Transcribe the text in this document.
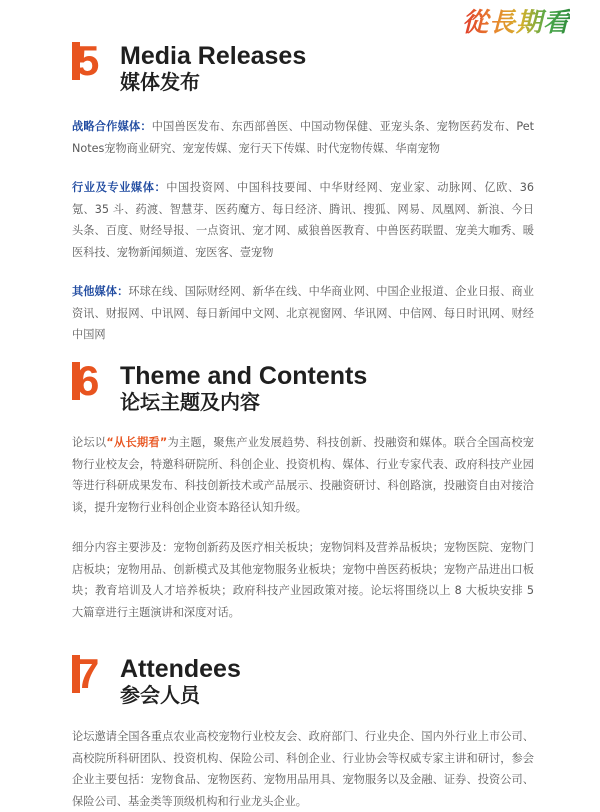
從長期看
5 Media Releases
媒体发布
战略合作媒体：中国兽医发布、东西部兽医、中国动物保健、亚宠头条、宠物医药发布、Pet Notes宠物商业研究、宠宠传媒、宠行天下传媒、时代宠物传媒、华南宠物
行业及专业媒体：中国投资网、中国科技要闻、中华财经网、宠业家、动脉网、亿欧、36 氪、35 斗、药渡、智慧芽、医药魔方、每日经济、腾讯、搜狐、网易、凤凰网、新浪、今日头条、百度、财经导报、一点资讯、宠才网、威狼兽医教育、中兽医药联盟、宠美大咖秀、暖医科技、宠物新闻频道、宠医客、壹宠物
其他媒体：环球在线、国际财经网、新华在线、中华商业网、中国企业报道、企业日报、商业资讯、财报网、中讯网、每日新闻中文网、北京视窗网、华讯网、中信网、每日时讯网、财经中国网
6 Theme and Contents
论坛主题及内容
论坛以“从长期看”为主题，聚焦产业发展趋势、科技创新、投融资和媒体。联合全国高校宠物行业校友会，特邀科研院所、科创企业、投资机构、媒体、行业专家代表、政府科技产业园等进行科研成果发布、科技创新技术或产品展示、投融资研讨、科创路演，投融资自由对接洽谈，提升宠物行业科创企业资本路径认知升级。
细分内容主要涉及：宠物创新药及医疗相关板块；宠物饲料及营养品板块；宠物医院、宠物门店板块；宠物用品、创新模式及其他宠物服务业板块；宠物中兽医药板块；宠物产品进出口板块；教育培训及人才培养板块；政府科技产业园政策对接。论坛将围绕以上 8 大板块安排 5 大篇章进行主题演讲和深度对话。
7 Attendees
参会人员
论坛邀请全国各重点农业高校宠物行业校友会、政府部门、行业央企、国内外行业上市公司、高校院所科研团队、投资机构、保险公司、科创企业、行业协会等权威专家主讲和研讨，参会企业主要包括：宠物食品、宠物医药、宠物用品用具、宠物服务以及金融、证券、投资公司、保险公司、基金类等顶级机构和行业龙头企业。
